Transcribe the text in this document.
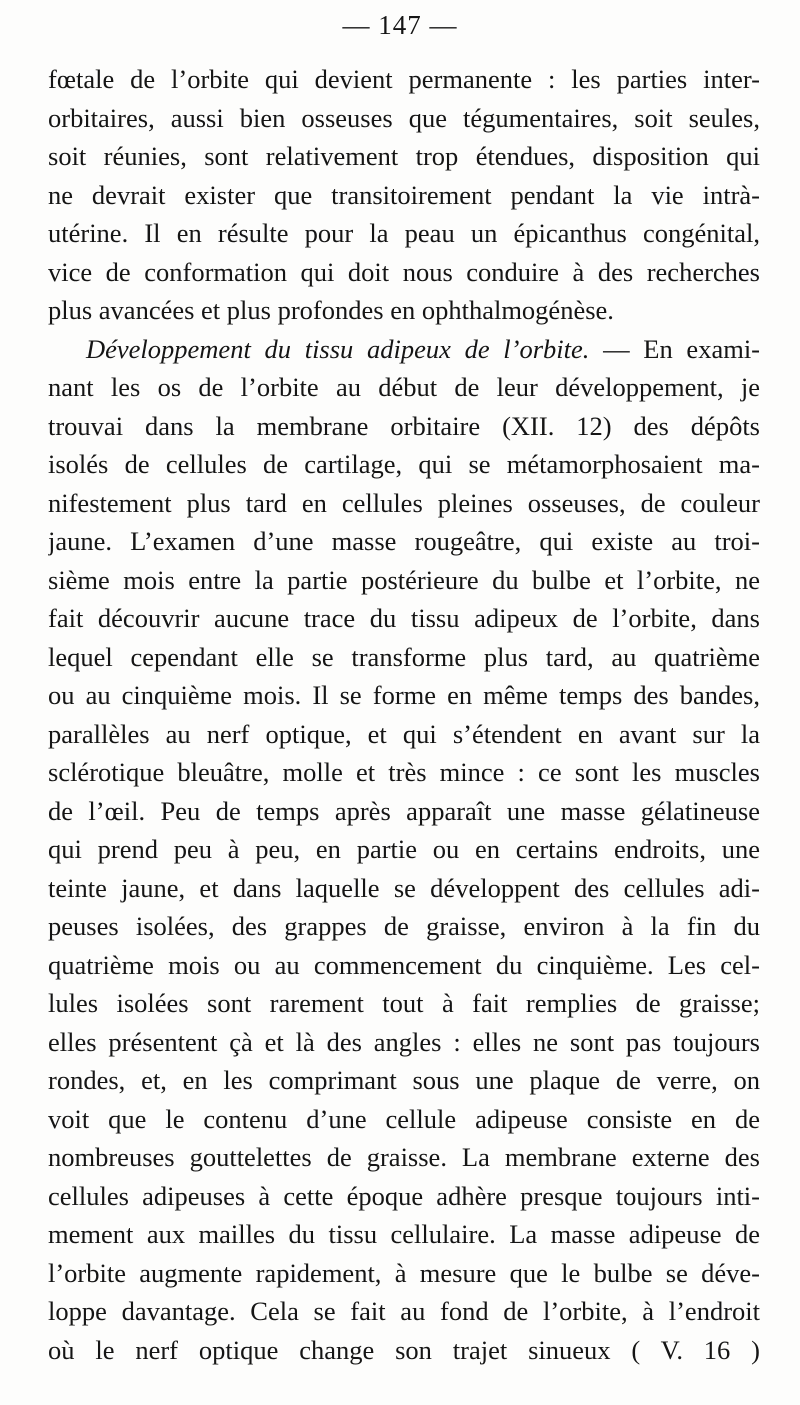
— 147 —
fœtale de l’orbite qui devient permanente : les parties inter-
orbitaires, aussi bien osseuses que tégumentaires, soit seules,
soit réunies, sont relativement trop étendues, disposition qui
ne devrait exister que transitoirement pendant la vie intrà-
utérine. Il en résulte pour la peau un épicanthus congénital,
vice de conformation qui doit nous conduire à des recherches
plus avancées et plus profondes en ophthalmogénèse.
Développement du tissu adipeux de l’orbite. — En exami-
nant les os de l’orbite au début de leur développement, je
trouvai dans la membrane orbitaire (XII. 12) des dépôts
isolés de cellules de cartilage, qui se métamorphosaient ma-
nifestement plus tard en cellules pleines osseuses, de couleur
jaune. L’examen d’une masse rougeâtre, qui existe au troi-
sième mois entre la partie postérieure du bulbe et l’orbite, ne
fait découvrir aucune trace du tissu adipeux de l’orbite, dans
lequel cependant elle se transforme plus tard, au quatrième
ou au cinquième mois. Il se forme en même temps des bandes,
parallèles au nerf optique, et qui s’étendent en avant sur la
sclérotique bleuâtre, molle et très mince : ce sont les muscles
de l’œil. Peu de temps après apparaît une masse gélatineuse
qui prend peu à peu, en partie ou en certains endroits, une
teinte jaune, et dans laquelle se développent des cellules adi-
peuses isolées, des grappes de graisse, environ à la fin du
quatrième mois ou au commencement du cinquième. Les cel-
lules isolées sont rarement tout à fait remplies de graisse;
elles présentent çà et là des angles : elles ne sont pas toujours
rondes, et, en les comprimant sous une plaque de verre, on
voit que le contenu d’une cellule adipeuse consiste en de
nombreuses gouttelettes de graisse. La membrane externe des
cellules adipeuses à cette époque adhère presque toujours inti-
mement aux mailles du tissu cellulaire. La masse adipeuse de
l’orbite augmente rapidement, à mesure que le bulbe se déve-
loppe davantage. Cela se fait au fond de l’orbite, à l’endroit
où le nerf optique change son trajet sinueux ( V. 16 )
